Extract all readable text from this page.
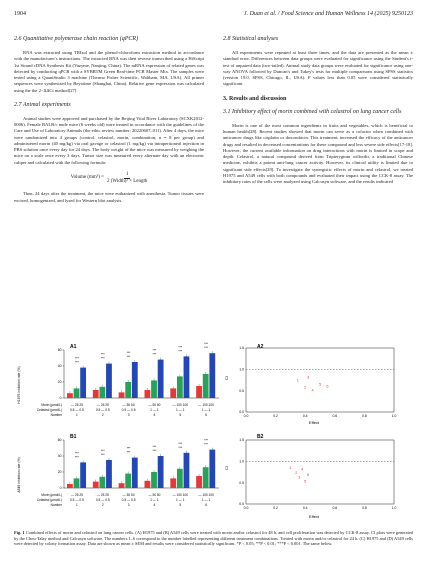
1904	J. Duan et al. / Food Science and Human Wellness 14 (2025) 9250123
2.6 Quantitative polymerase chain reaction (qPCR)

RNA was extracted using TRIzol and the phenol-chloroform extraction method in accordance with the manufacturer's instructions. The extracted RNA was then reverse transcribed using a HiScript 1st Strand cDNA Synthesis Kit (Vazyme, Nanjing, China). The mRNA expression of related genes was detected by conducting qPCR with a SYBRTM Green Real-time PCR Master Mix. The samples were tested using a QuantStudio 3 machine (Thermo Fisher Scientific, Waltham, MA, USA). All primer sequences were synthesized by Beyotime (Shanghai, China). Relative gene expression was calculated using the the 2−ΔΔCt method[27].

2.7 Animal experiments

Animal studies were approved and purchased by the Beijing Vital River Laboratory (SCXK2012-0006). Female BALB/c nude mice (6 weeks old) were treated in accordance with the guidelines of the Care and Use of Laboratory Animals (the ethic review number: 20220607–011). After 4 days, the mice were randomized into 4 groups (control, celastrol, morin, combination; n = 8 per group) and administered morin (40 mg/kg) via oral gavage or celastrol (1 mg/kg) via intraperitoneal injection in PBS solution once every day for 24 days. The body weight of the mice was measured by weighing the mice on a scale once every 3 days. Tumor size was measured every alternate day with an electronic caliper and calculated with the following formula:

Volume $(mm^3) = \frac{1}{\text{2 (Width)² × Length}}$

Then, 24 days after the treatment, the mice were euthanized with anesthesia. Tumor tissues were excised, homogenized, and lysed for Western blot analysis.

2.8 Statistical analyses

All experiments were repeated at least three times, and the data are presented as the mean ± standard error. Differences between data groups were evaluated for significance using the Student's t-test of unpaired data (two-tailed). Animal study data groups were evaluated for significance using one-way ANOVA followed by Duncan's and Tukey's tests for multiple comparisons using SPSS statistics (version 19.0, SPSS, Chicago, IL, USA). P values less than 0.05 were considered statistically significant.

3. Results and discussion
3.1 Inhibitory effect of morin combined with celastrol on lung cancer cells

Morin is one of the most common ingredients in fruits and vegetables, which is beneficial to human health[28]. Recent studies showed that morin can serve as a cofactor when combined with anticancer drugs like cisplatin or doxorubicin. This treatment, increased the efficacy of the anticancer drugs and resulted in decreased concentrations for these compound and less severe side effects[17-18]. However, the current available information on drug interactions with morin is limited in scope and depth. Celastrol, a natural compound derived from Tripterygium wilfordii, a traditional Chinese medicine, exhibits a potent anti-lung cancer activity. However, its clinical utility is limited due to significant side effects[29]. To investigate the synergistic effects of morin and celastrol, we treated H1975 and A549 cells with both compounds and evaluated their impact using the CCK-8 assay. The inhibitory rates of the cells were analyzed using Calcusyn software, and the results indicated

A1
B1
A2
B2
0
20
40
60
***
***
— 25 25
0.5 — 0.5
1
***
***
— 25 25
0.5 — 0.5
2
***
***
— 50 50
0.5 — 0.5
3
***
***
— 50 50
1 — 1
4
***
***
— 100 100
1 — 1
5
***
***
— 100 100
1 — 1
6
0
20
40
60
***
***
— 25 25
0.5 — 0.5
1
***
***
— 25 25
0.5 — 0.5
2
***
***
— 50 50
0.5 — 0.5
3
***
***
— 50 50
1 — 1
4
***
***
— 100 100
1 — 1
5
***
***
— 100 100
1 — 1
6
0.0
0.5
1.0
1.5
0.0	0.2	0.4	0.6	0.8	1.0
1
2
3
4
5 6
0.0
0.5
1.0
1.5
0.0	0.2	0.4	0.6	0.8	1.0
1
2
3
4
5
6
H1975 inhibition rate (%)
A549 inhibition rate (%)
CI
CI
Effect
Effect
Morin (μmol/L)
Celastrol (μmol/L)
Number
Morin (μmol/L)
Celastrol (μmol/L)
Number
Fig. 1 Combined effects of morin and celastrol on lung cancer cells. (A) H1975 and (B) A549 cells were treated with morin and/or celastrol for 48 h, and cell proliferation was detected by CCK-8 assay. CI plots were generated by the Chou-Talay method and Calcusyn software. The numbers 1–6 correspond to the number labelled representing different treatment combinations. Treated with morin and/or celastrol for 24 h. (C) H1975 and (D) A549 cells were detected by colony formation assay. Data are shown as mean ± SEM and results were considered statistically significant. *P < 0.05; **P < 0.01; ***P < 0.001. The same below.
